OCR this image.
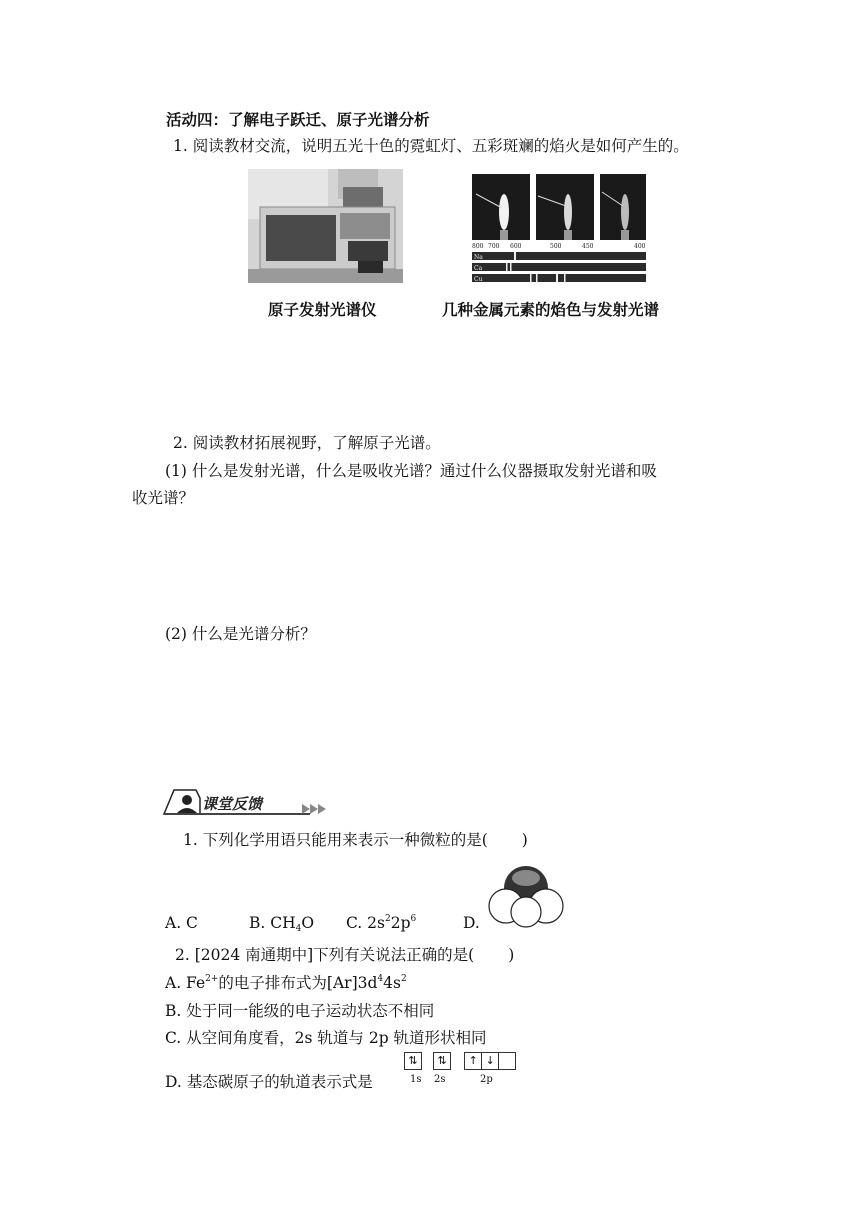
活动四：了解电子跃迁、原子光谱分析
1. 阅读教材交流，说明五光十色的霓虹灯、五彩斑斓的焰火是如何产生的。
800 700 600	500	450	400
Na
Ca
Cu
原子发射光谱仪	几种金属元素的焰色与发射光谱
2. 阅读教材拓展视野，了解原子光谱。
(1) 什么是发射光谱，什么是吸收光谱？通过什么仪器摄取发射光谱和吸
收光谱？
(2) 什么是光谱分析？
课堂反馈
1. 下列化学用语只能用来表示一种微粒的是( )
A. C	B. $CH_4O$ C. $2s^22p^6$	D.
2. [2024 南通期中]下列有关说法正确的是( )
A. $Fe^{2+}$的电子排布式为$[Ar]3d^44s^2$
B. 处于同一能级的电子运动状态不相同
C. 从空间角度看，2s 轨道与 2p 轨道形状相同
D. 基态碳原子的轨道表示式是
⇅ ⇅ ↑ ↓
1s 2s	2p
